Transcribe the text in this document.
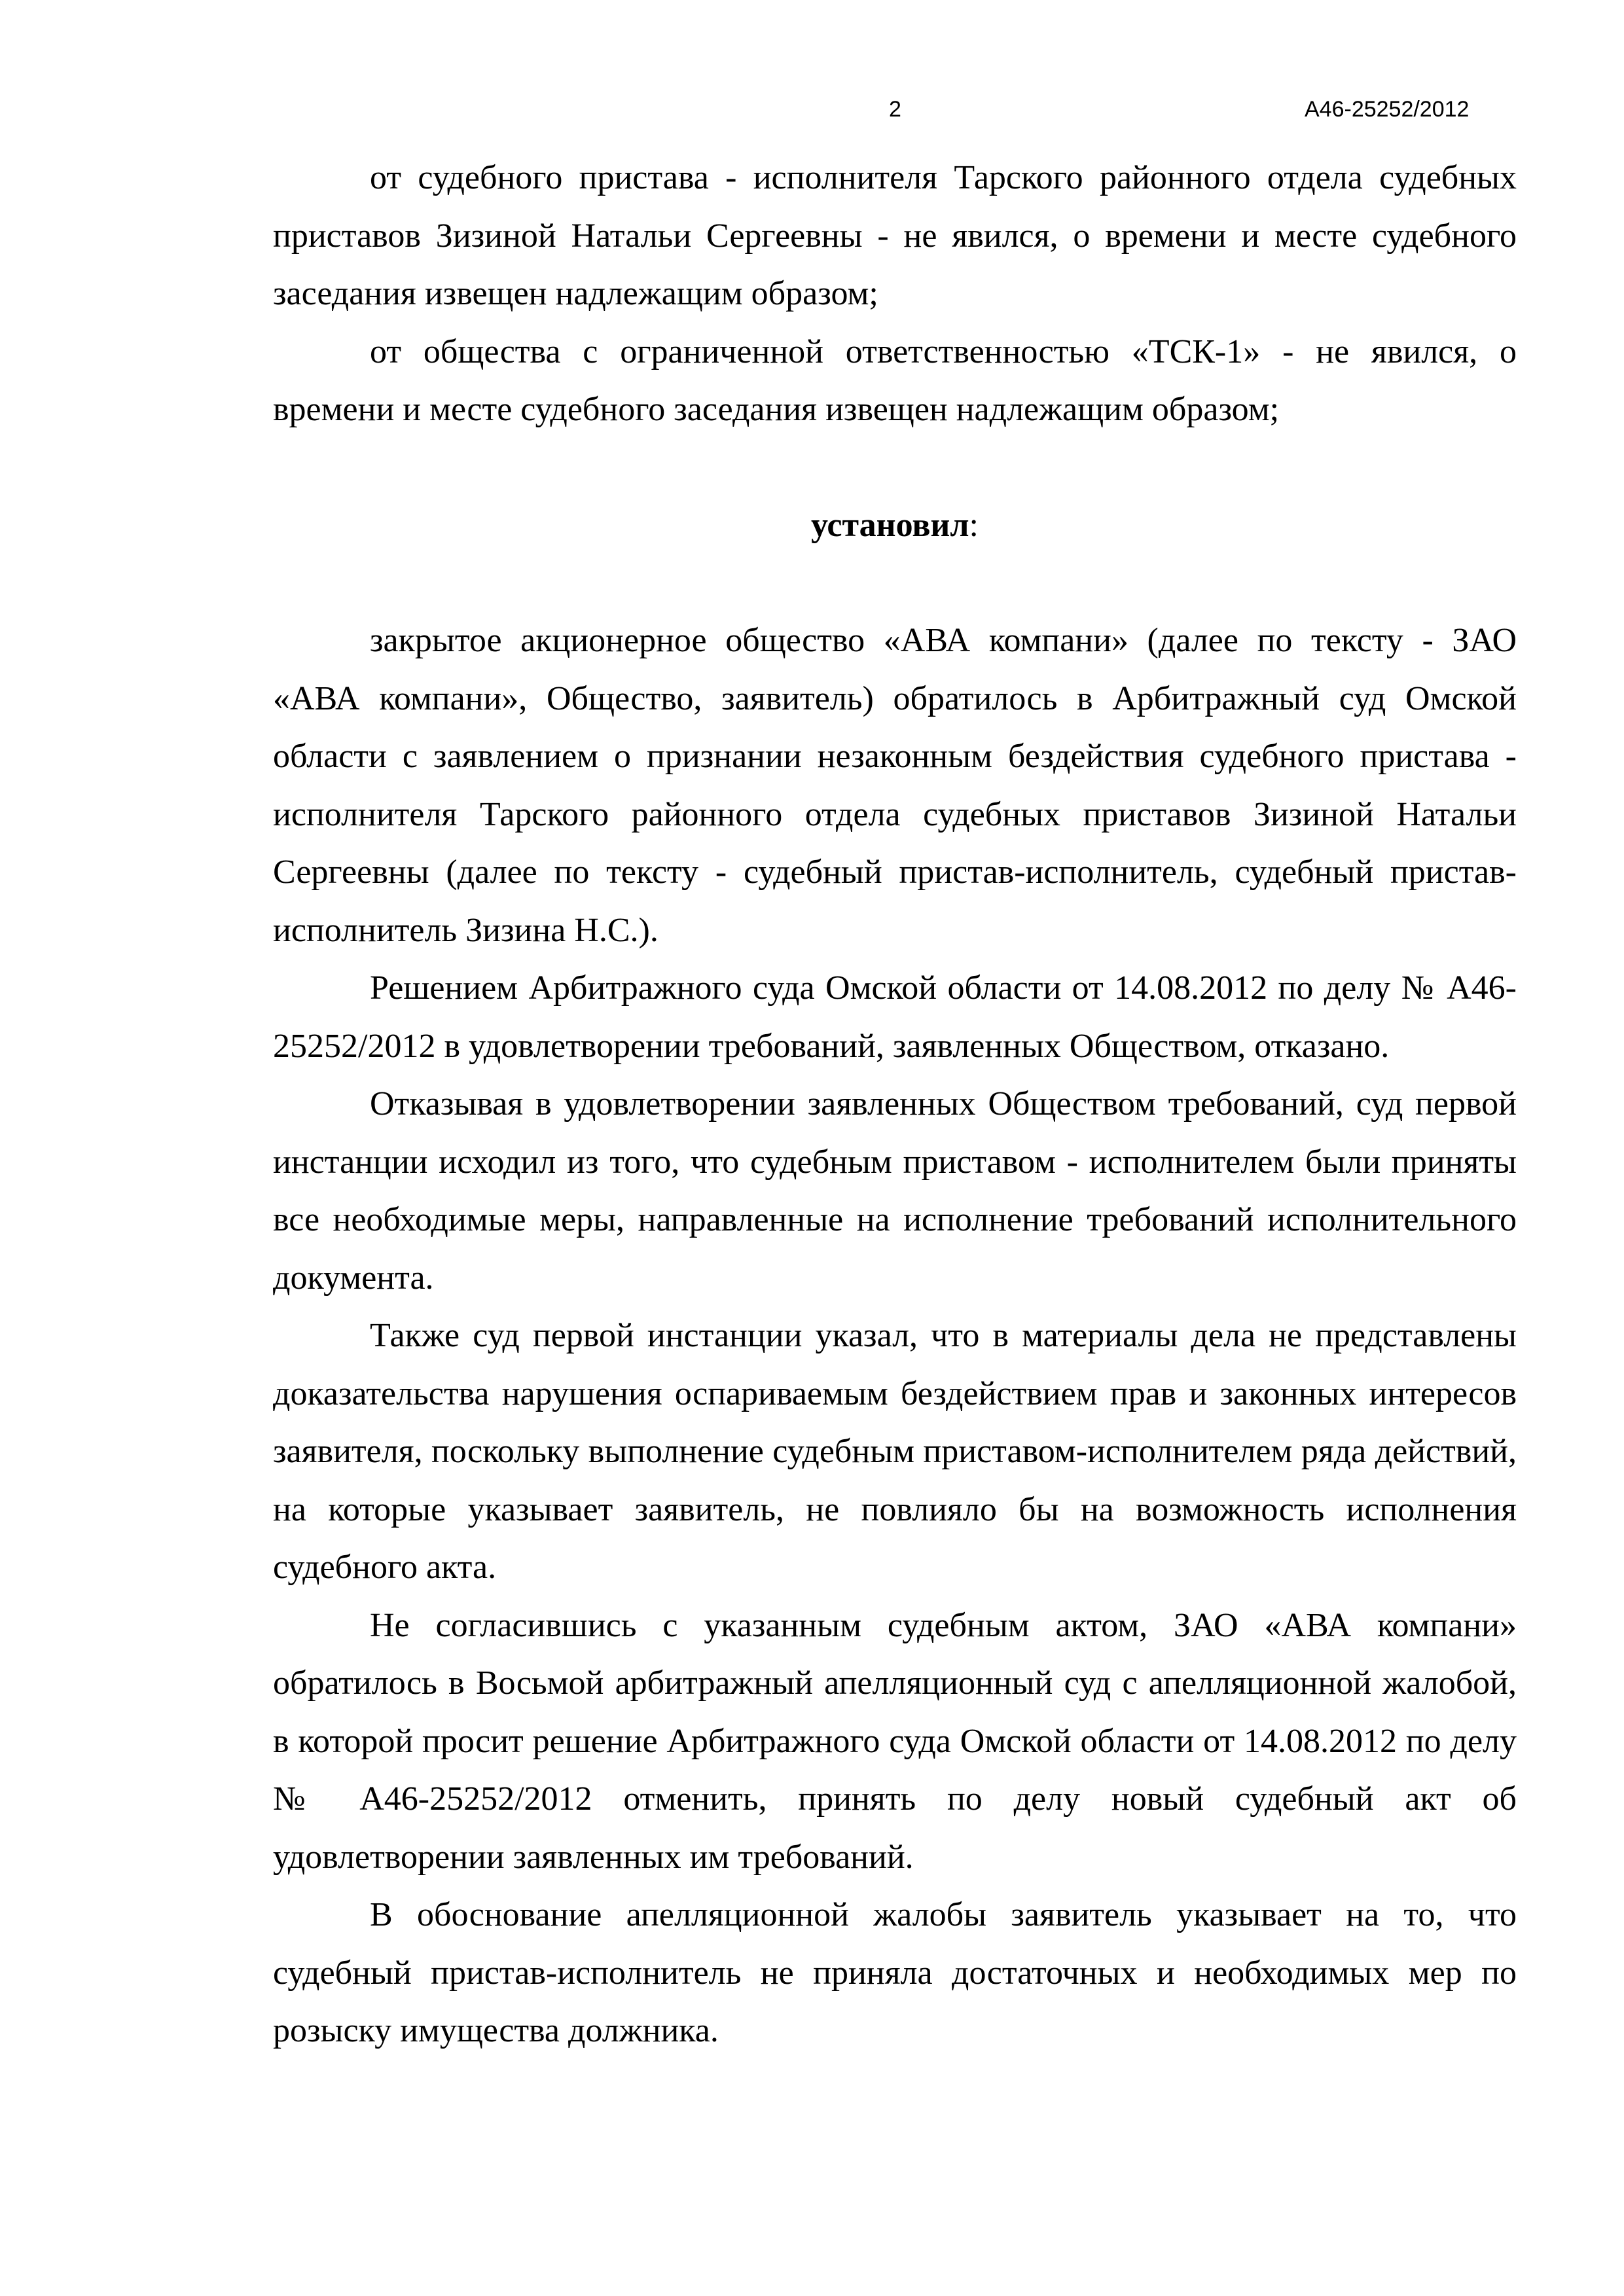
2	А46-25252/2012

от судебного пристава - исполнителя Тарского районного отдела судебных приставов Зизиной Натальи Сергеевны - не явился, о времени и месте судебного заседания извещен надлежащим образом;

от общества с ограниченной ответственностью «ТСК-1» - не явился, о времени и месте судебного заседания извещен надлежащим образом;

установил:

закрытое акционерное общество «АВА компани» (далее по тексту - ЗАО «АВА компани», Общество, заявитель) обратилось в Арбитражный суд Омской области с заявлением о признании незаконным бездействия судебного пристава - исполнителя Тарского районного отдела судебных приставов Зизиной Натальи Сергеевны (далее по тексту - судебный пристав-исполнитель, судебный пристав-исполнитель Зизина Н.С.).

Решением Арбитражного суда Омской области от 14.08.2012 по делу № А46-25252/2012 в удовлетворении требований, заявленных Обществом, отказано.

Отказывая в удовлетворении заявленных Обществом требований, суд первой инстанции исходил из того, что судебным приставом - исполнителем были приняты все необходимые меры, направленные на исполнение требований исполнительного документа.

Также суд первой инстанции указал, что в материалы дела не представлены доказательства нарушения оспариваемым бездействием прав и законных интересов заявителя, поскольку выполнение судебным приставом-исполнителем ряда действий, на которые указывает заявитель, не повлияло бы на возможность исполнения судебного акта.

Не согласившись с указанным судебным актом, ЗАО «АВА компани» обратилось в Восьмой арбитражный апелляционный суд с апелляционной жалобой, в которой просит решение Арбитражного суда Омской области от 14.08.2012 по делу № А46-25252/2012 отменить, принять по делу новый судебный акт об удовлетворении заявленных им требований.

В обоснование апелляционной жалобы заявитель указывает на то, что судебный пристав-исполнитель не приняла достаточных и необходимых мер по розыску имущества должника.
